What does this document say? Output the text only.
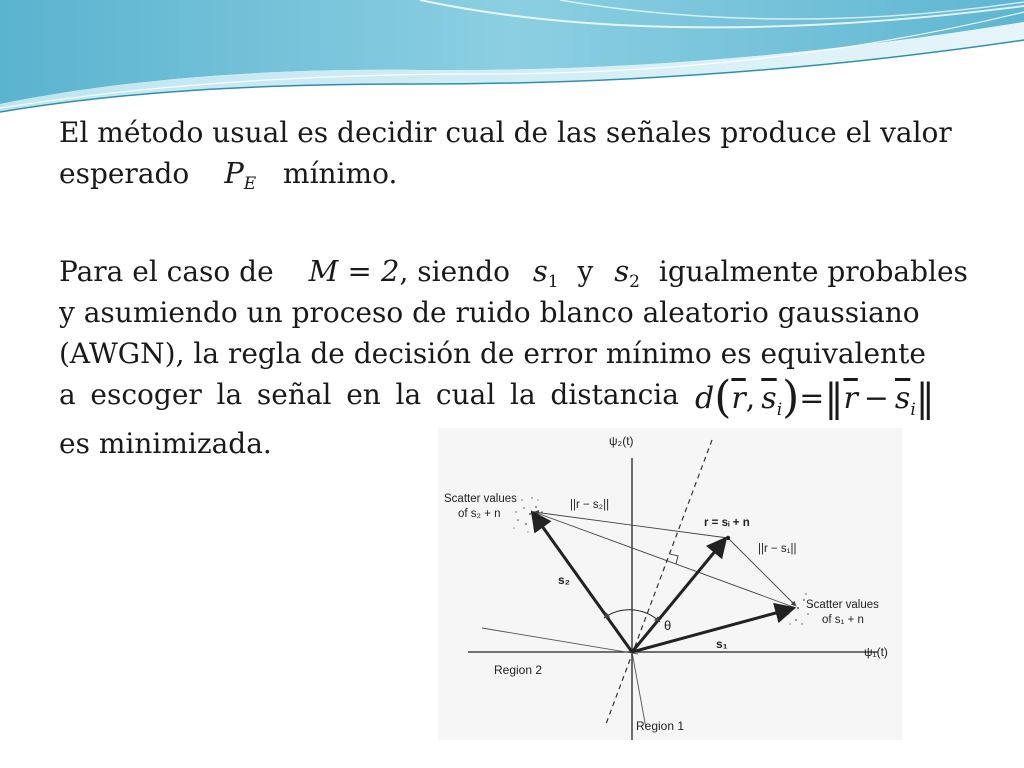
El método usual es decidir cual de las señales produce el valor
esperado $P_E$ mínimo.
Para el caso de M = 2, siendo $s_1$ y $s_2$ igualmente probables
y asumiendo un proceso de ruido blanco aleatorio gaussiano
(AWGN), la regla de decisión de error mínimo es equivalente
a escoger la señal en la cual la distancia
es minimizada.
$d(\overline{r}$,  $\overline{s}_i)=‖\overline{r}$  −  $\overline{s}_i‖$
ψ₂(t)
ψ₁(t)
Scatter values
of s₂ + n
||r − s₂||
r = sᵢ + n
||r − s₁||
Scatter values
of s₁ + n
s₂
s₁
θ
Region 2
Region 1
